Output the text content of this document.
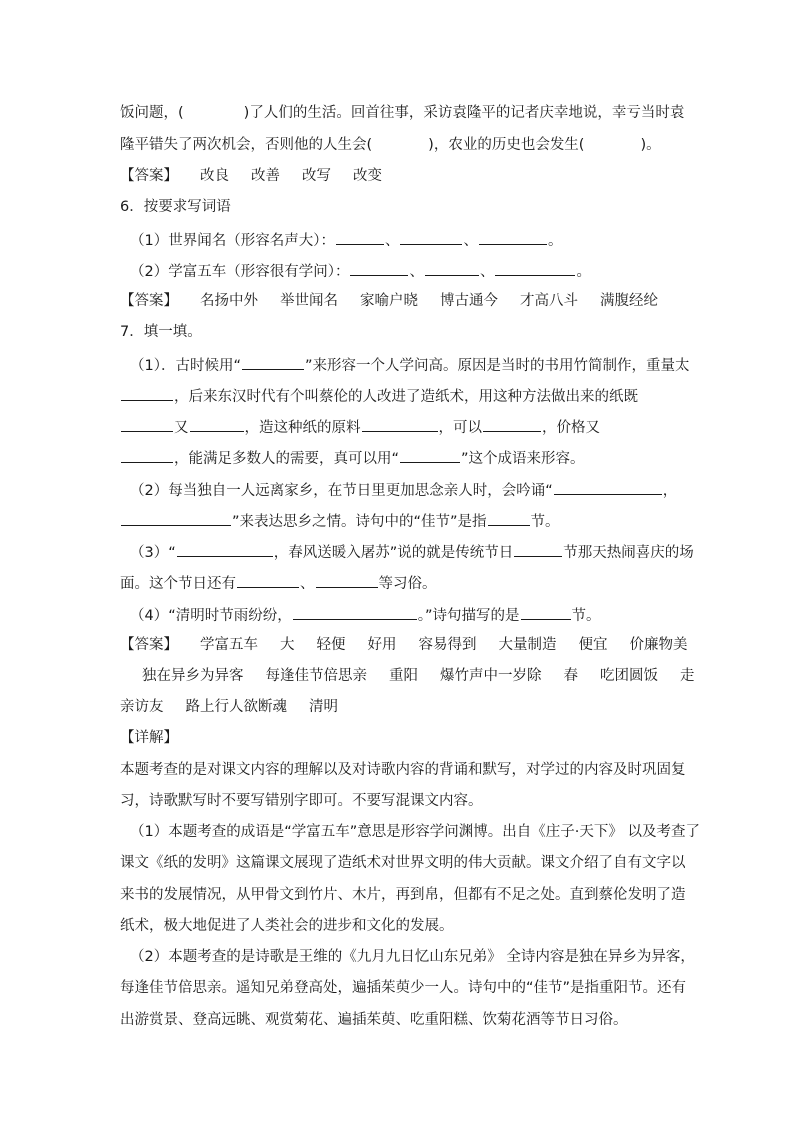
饭问题，(	)了人们的生活。回首往事，采访袁隆平的记者庆幸地说，幸亏当时袁
隆平错失了两次机会，否则他的人生会(	)，农业的历史也会发生(	)。
【答案】 改良 改善 改写 改变
6．按要求写词语
（1）世界闻名（形容名声大）：	、	、	。
（2）学富五车（形容很有学问）：	、	、	。
【答案】 名扬中外 举世闻名 家喻户晓 博古通今 才高八斗 满腹经纶
7．填一填。
（1）．古时候用“	”来形容一个人学问高。原因是当时的书用竹简制作，重量太
，后来东汉时代有个叫蔡伦的人改进了造纸术，用这种方法做出来的纸既
又	，造这种纸的原料	，可以	，价格又
，能满足多数人的需要，真可以用“	”这个成语来形容。
（2）每当独自一人远离家乡，在节日里更加思念亲人时，会吟诵“	，
”来表达思乡之情。诗句中的“佳节”是指	节。
（3）“	，春风送暖入屠苏”说的就是传统节日	节那天热闹喜庆的场
面。这个节日还有	、	等习俗。
（4）“清明时节雨纷纷，	。”诗句描写的是	节。
【答案】 学富五车 大 轻便 好用 容易得到 大量制造 便宜 价廉物美
独在异乡为异客 每逢佳节倍思亲 重阳 爆竹声中一岁除 春 吃团圆饭 走
亲访友 路上行人欲断魂 清明
【详解】
本题考查的是对课文内容的理解以及对诗歌内容的背诵和默写，对学过的内容及时巩固复
习，诗歌默写时不要写错别字即可。不要写混课文内容。
（1）本题考查的成语是“学富五车”意思是形容学问渊博。出自《庄子·天下》 以及考查了
课文《纸的发明》这篇课文展现了造纸术对世界文明的伟大贡献。课文介绍了自有文字以
来书的发展情况，从甲骨文到竹片、木片，再到帛，但都有不足之处。直到蔡伦发明了造
纸术，极大地促进了人类社会的进步和文化的发展。
（2）本题考查的是诗歌是王维的《九月九日忆山东兄弟》 全诗内容是独在异乡为异客，
每逢佳节倍思亲。遥知兄弟登高处，遍插茱萸少一人。诗句中的“佳节”是指重阳节。还有
出游赏景、登高远眺、观赏菊花、遍插茱萸、吃重阳糕、饮菊花酒等节日习俗。
